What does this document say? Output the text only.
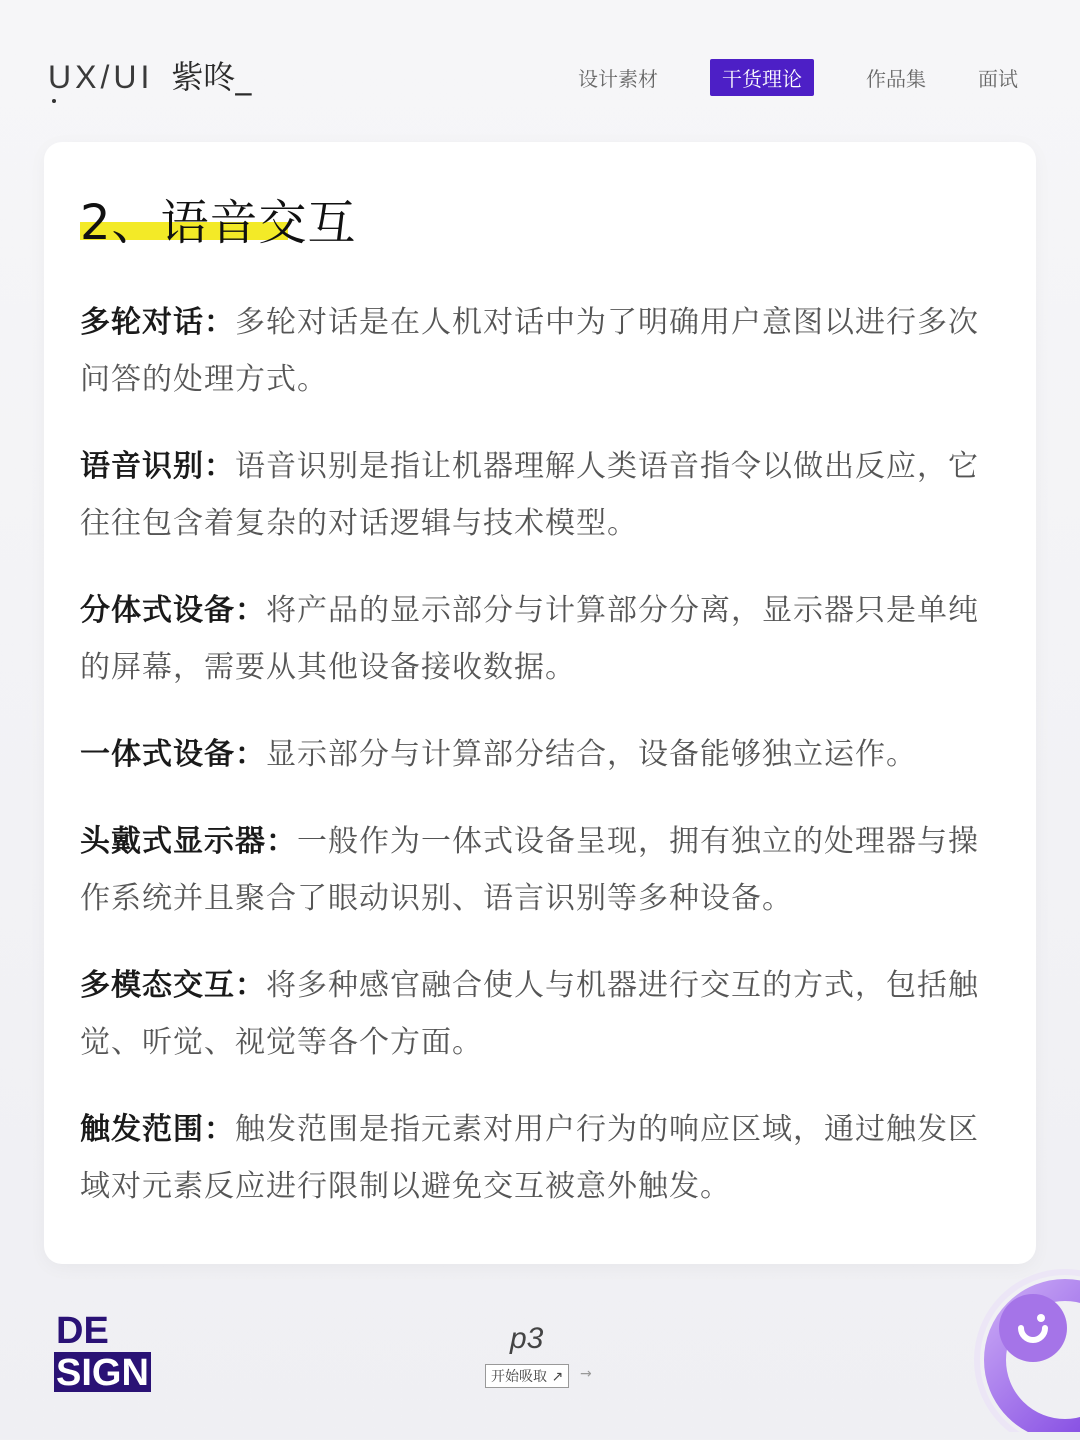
UX/UI 紫咚_	设计素材	干货理论	作品集	面试
2、语音交互

多轮对话：多轮对话是在人机对话中为了明确用户意图以进行多次问答的处理方式。

语音识别：语音识别是指让机器理解人类语音指令以做出反应，它往往包含着复杂的对话逻辑与技术模型。

分体式设备：将产品的显示部分与计算部分分离，显示器只是单纯的屏幕，需要从其他设备接收数据。

一体式设备：显示部分与计算部分结合，设备能够独立运作。

头戴式显示器：一般作为一体式设备呈现，拥有独立的处理器与操作系统并且聚合了眼动识别、语言识别等多种设备。

多模态交互：将多种感官融合使人与机器进行交互的方式，包括触觉、听觉、视觉等各个方面。

触发范围：触发范围是指元素对用户行为的响应区域，通过触发区域对元素反应进行限制以避免交互被意外触发。

DE
SIGN
p3
开始吸取 ↗	→
